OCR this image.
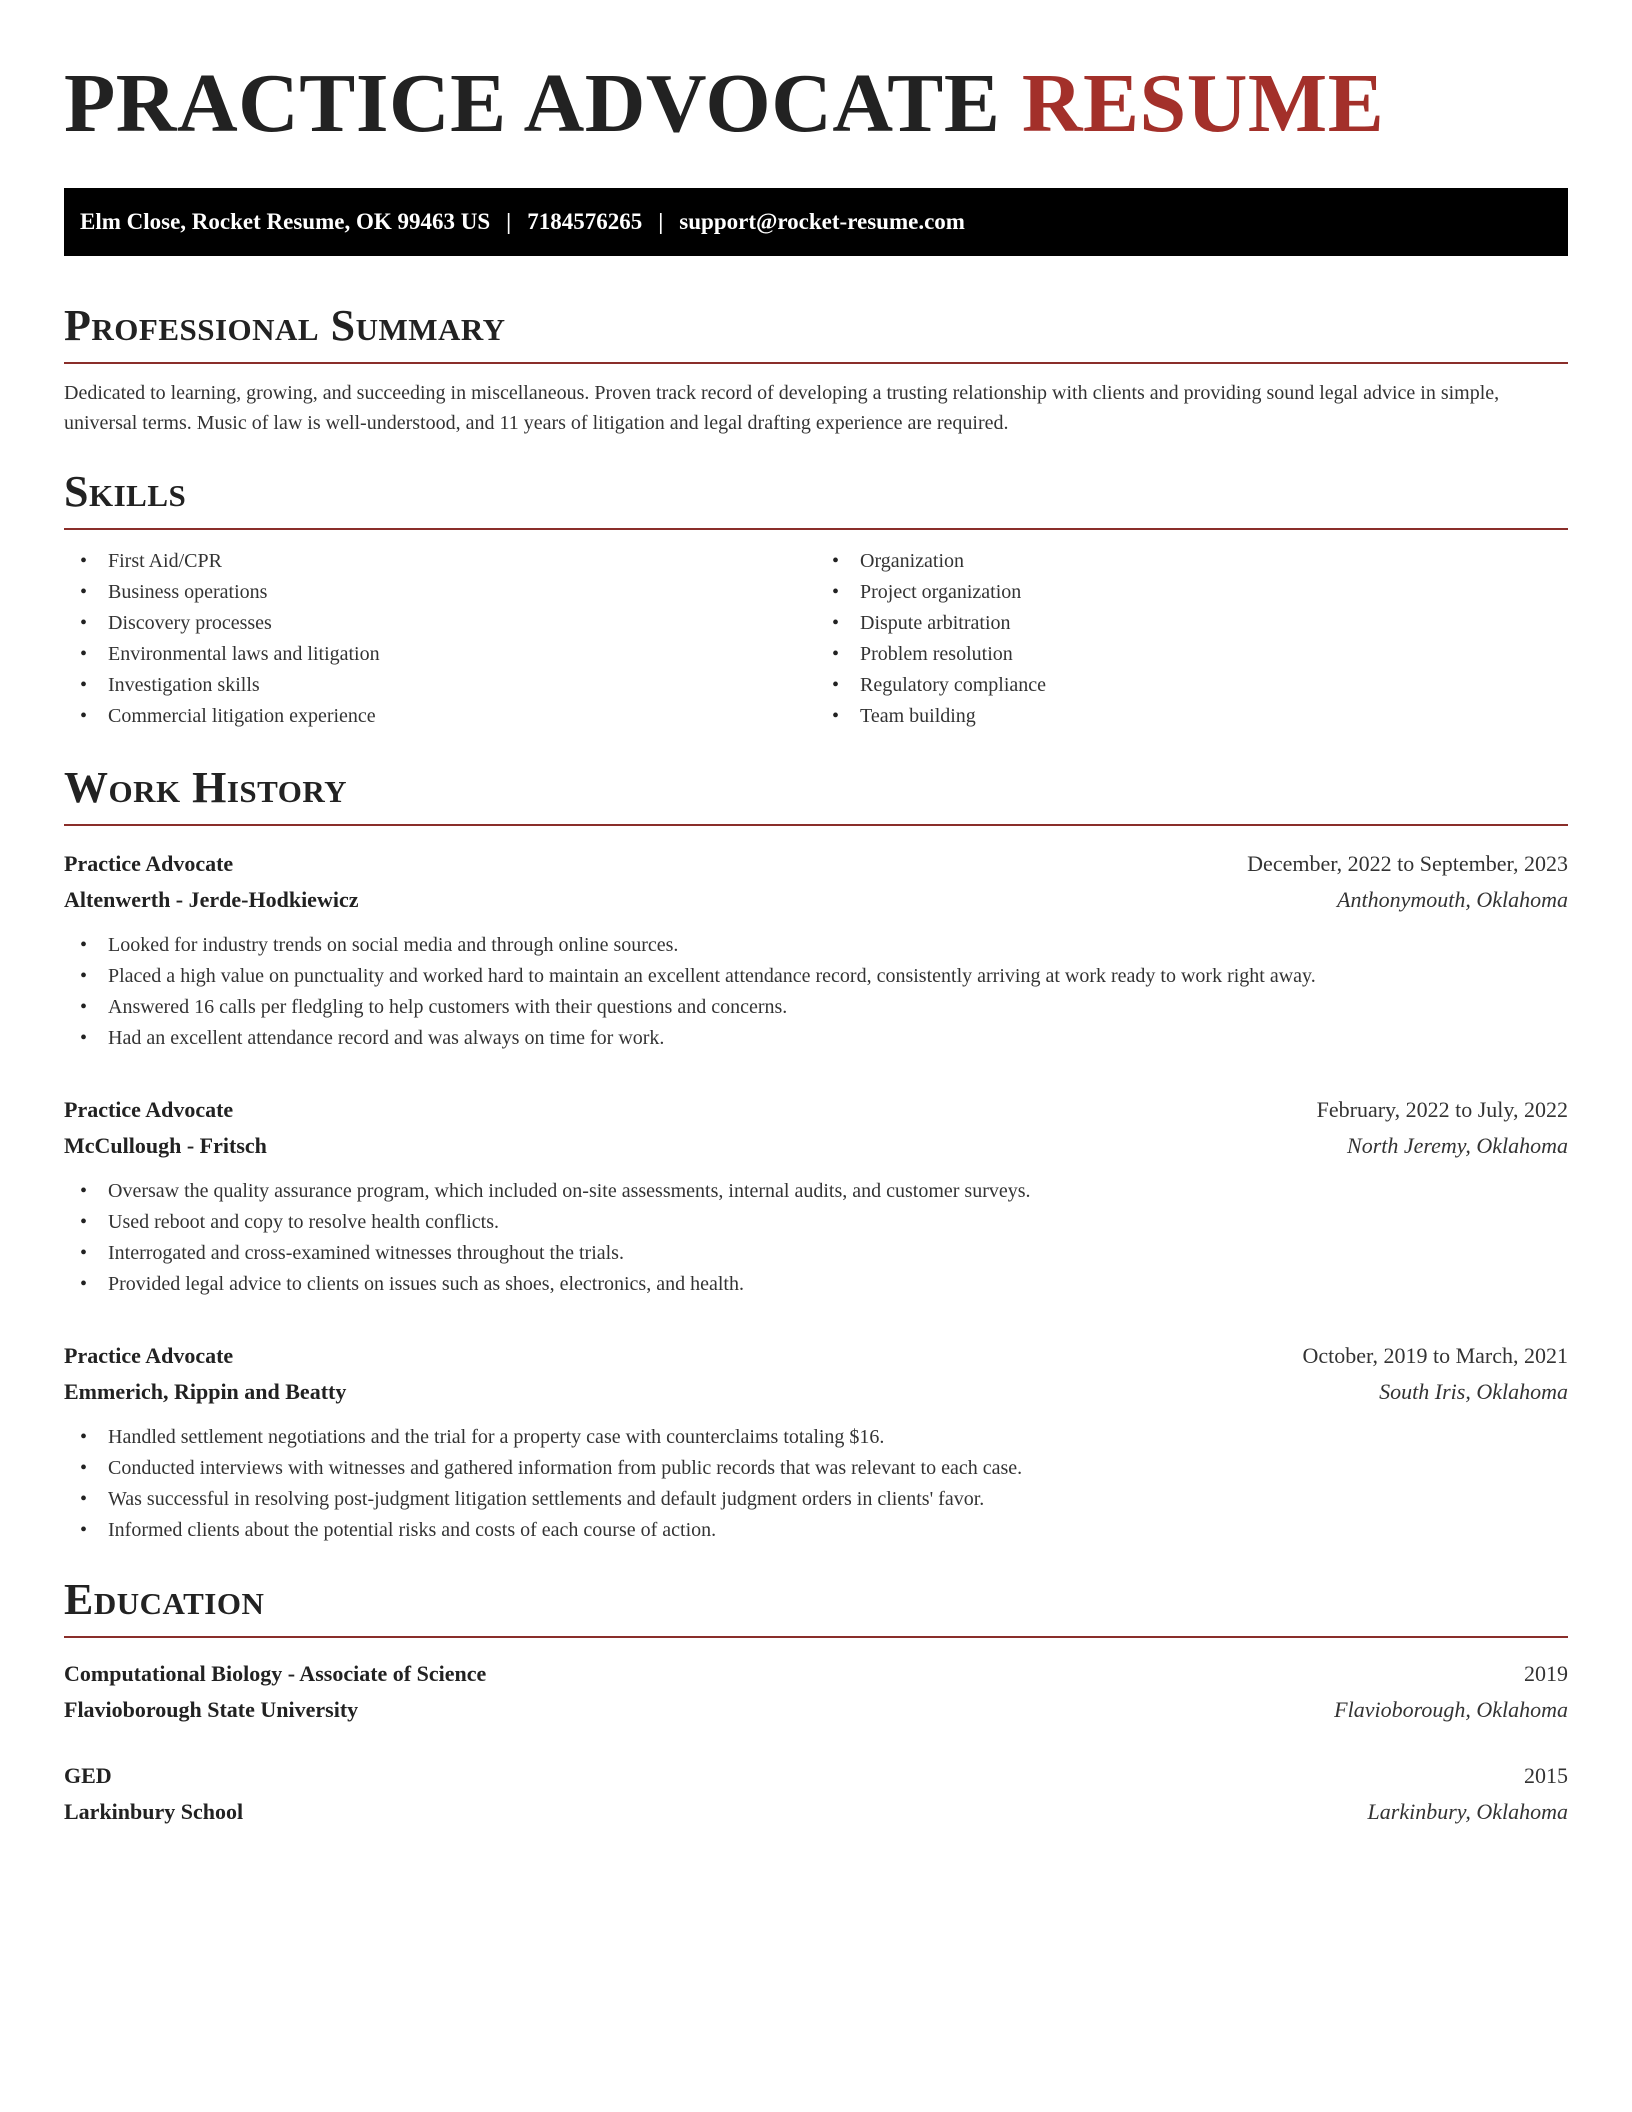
PRACTICE ADVOCATE RESUME
Elm Close, Rocket Resume, OK 99463 US | 7184576265 | support@rocket-resume.com
Professional Summary

Dedicated to learning, growing, and succeeding in miscellaneous. Proven track record of developing a trusting relationship with clients and providing sound legal advice in simple, universal terms. Music of law is well-understood, and 11 years of litigation and legal drafting experience are required.

Skills
• First Aid/CPR
• Business operations
• Discovery processes
• Environmental laws and litigation
• Investigation skills
• Commercial litigation experience
• Organization
• Project organization
• Dispute arbitration
• Problem resolution
• Regulatory compliance
• Team building
Work History
Practice Advocate	December, 2022 to September, 2023
Altenwerth - Jerde-Hodkiewicz	Anthonymouth, Oklahoma
• Looked for industry trends on social media and through online sources.
• Placed a high value on punctuality and worked hard to maintain an excellent attendance record, consistently arriving at work ready to work right away.
• Answered 16 calls per fledgling to help customers with their questions and concerns.
• Had an excellent attendance record and was always on time for work.
Practice Advocate	February, 2022 to July, 2022
McCullough - Fritsch	North Jeremy, Oklahoma
• Oversaw the quality assurance program, which included on-site assessments, internal audits, and customer surveys.
• Used reboot and copy to resolve health conflicts.
• Interrogated and cross-examined witnesses throughout the trials.
• Provided legal advice to clients on issues such as shoes, electronics, and health.
Practice Advocate	October, 2019 to March, 2021
Emmerich, Rippin and Beatty	South Iris, Oklahoma
• Handled settlement negotiations and the trial for a property case with counterclaims totaling $16.
• Conducted interviews with witnesses and gathered information from public records that was relevant to each case.
• Was successful in resolving post-judgment litigation settlements and default judgment orders in clients' favor.
• Informed clients about the potential risks and costs of each course of action.
Education
Computational Biology - Associate of Science	2019
Flavioborough State University	Flavioborough, Oklahoma
GED	2015
Larkinbury School	Larkinbury, Oklahoma
